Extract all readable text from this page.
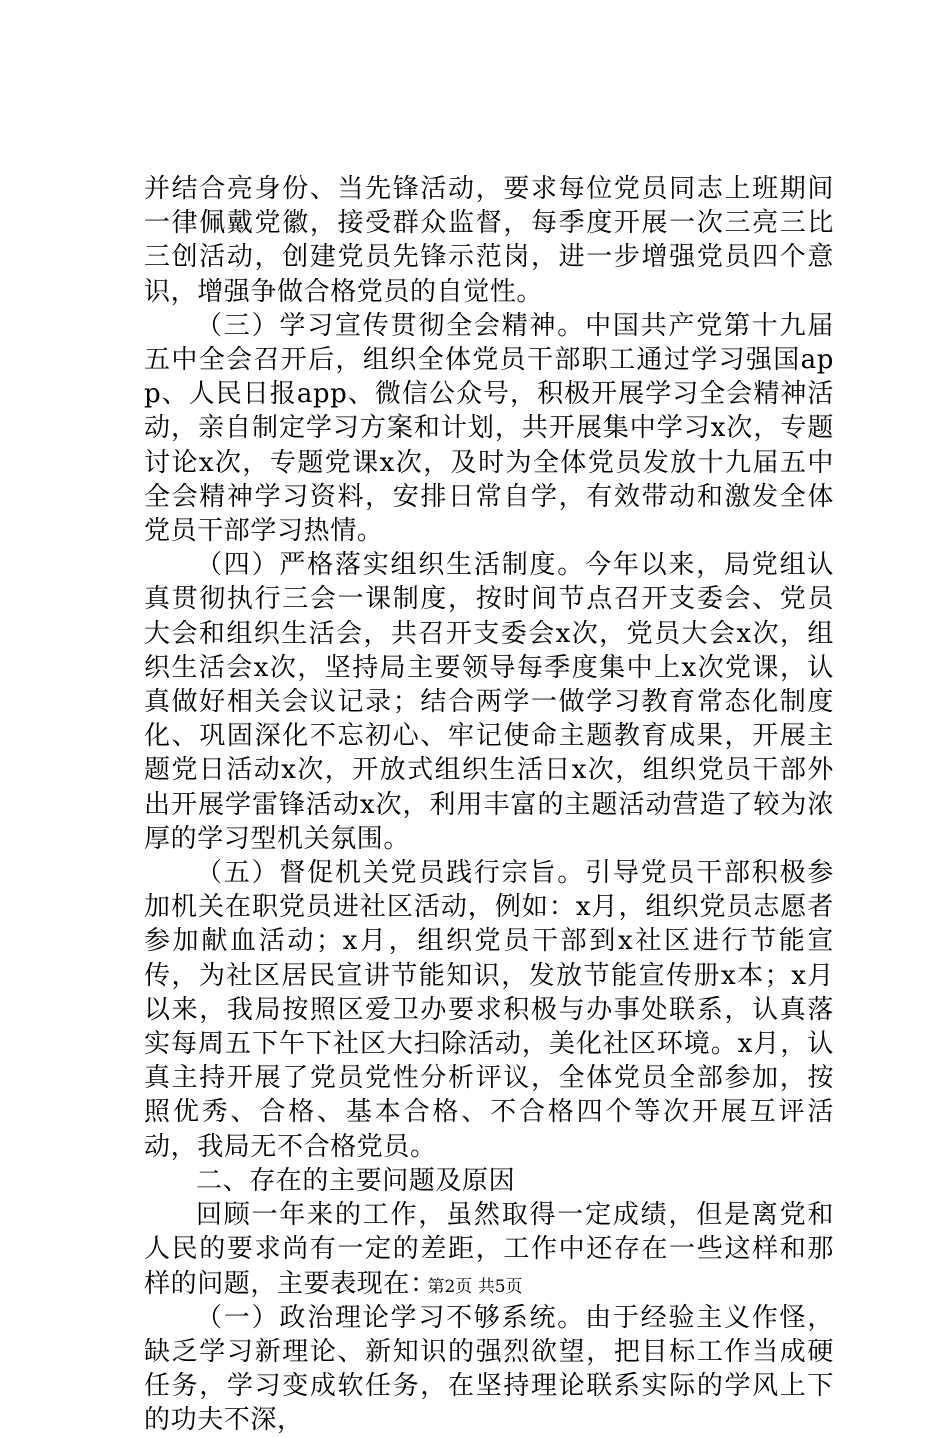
并结合亮身份、当先锋活动，要求每位党员同志上班期间一律佩戴党徽，接受群众监督，每季度开展一次三亮三比三创活动，创建党员先锋示范岗，进一步增强党员四个意识，增强争做合格党员的自觉性。

（三）学习宣传贯彻全会精神。中国共产党第十九届五中全会召开后，组织全体党员干部职工通过学习强国app、人民日报app、微信公众号，积极开展学习全会精神活动，亲自制定学习方案和计划，共开展集中学习x次，专题讨论x次，专题党课x次，及时为全体党员发放十九届五中全会精神学习资料，安排日常自学，有效带动和激发全体党员干部学习热情。

（四）严格落实组织生活制度。今年以来，局党组认真贯彻执行三会一课制度，按时间节点召开支委会、党员大会和组织生活会，共召开支委会x次，党员大会x次，组织生活会x次，坚持局主要领导每季度集中上x次党课，认真做好相关会议记录；结合两学一做学习教育常态化制度化、巩固深化不忘初心、牢记使命主题教育成果，开展主题党日活动x次，开放式组织生活日x次，组织党员干部外出开展学雷锋活动x次，利用丰富的主题活动营造了较为浓厚的学习型机关氛围。

（五）督促机关党员践行宗旨。引导党员干部积极参加机关在职党员进社区活动，例如：x月，组织党员志愿者参加献血活动；x月，组织党员干部到x社区进行节能宣传，为社区居民宣讲节能知识，发放节能宣传册x本；x月以来，我局按照区爱卫办要求积极与办事处联系，认真落实每周五下午下社区大扫除活动，美化社区环境。x月，认真主持开展了党员党性分析评议，全体党员全部参加，按照优秀、合格、基本合格、不合格四个等次开展互评活动，我局无不合格党员。

二、存在的主要问题及原因

回顾一年来的工作，虽然取得一定成绩，但是离党和人民的要求尚有一定的差距，工作中还存在一些这样和那样的问题，主要表现在：

（一）政治理论学习不够系统。由于经验主义作怪，缺乏学习新理论、新知识的强烈欲望，把目标工作当成硬任务，学习变成软任务，在坚持理论联系实际的学风上下的功夫不深，

第2页 共5页
